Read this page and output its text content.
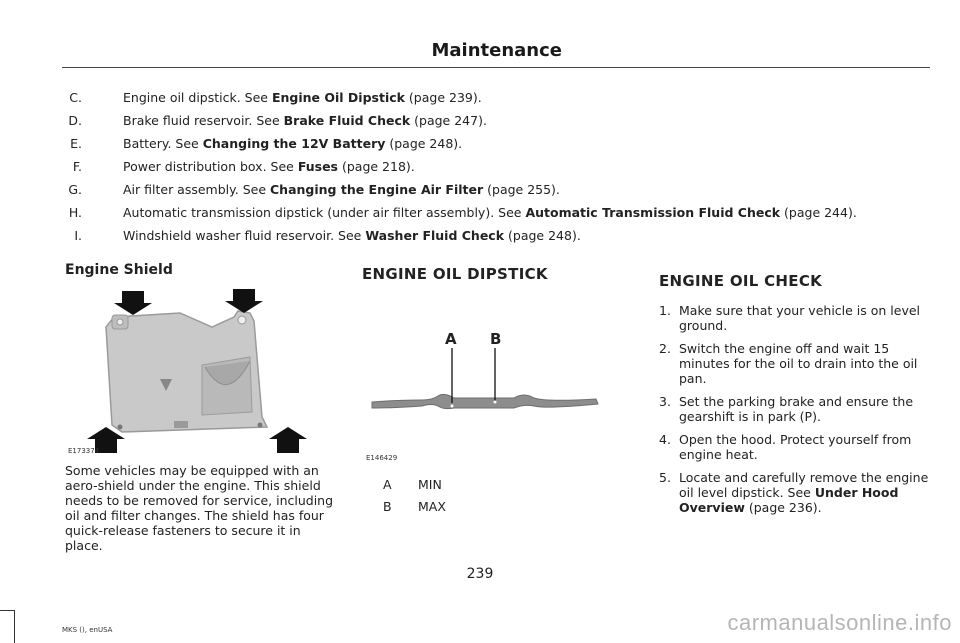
Maintenance
C.	Engine oil dipstick. See Engine Oil Dipstick (page 239).
D.	Brake fluid reservoir. See Brake Fluid Check (page 247).
E.	Battery. See Changing the 12V Battery (page 248).
F.	Power distribution box. See Fuses (page 218).
G.	Air filter assembly. See Changing the Engine Air Filter (page 255).
H.	Automatic transmission dipstick (under air filter assembly). See Automatic Transmission Fluid Check (page 244).
I.	Windshield washer fluid reservoir. See Washer Fluid Check (page 248).
Engine Shield
E173374
Some vehicles may be equipped with an aero-shield under the engine. This shield needs to be removed for service, including oil and filter changes. The shield has four quick-release fasteners to secure it in place.
ENGINE OIL DIPSTICK
A B
E146429
A MIN
B MAX
ENGINE OIL CHECK
1. Make sure that your vehicle is on level ground.
2. Switch the engine off and wait 15 minutes for the oil to drain into the oil pan.
3. Set the parking brake and ensure the gearshift is in park (P).
4. Open the hood. Protect yourself from engine heat.
5. Locate and carefully remove the engine oil level dipstick. See Under Hood Overview (page 236).
239
MKS (), enUSA	carmanualsonline.info
